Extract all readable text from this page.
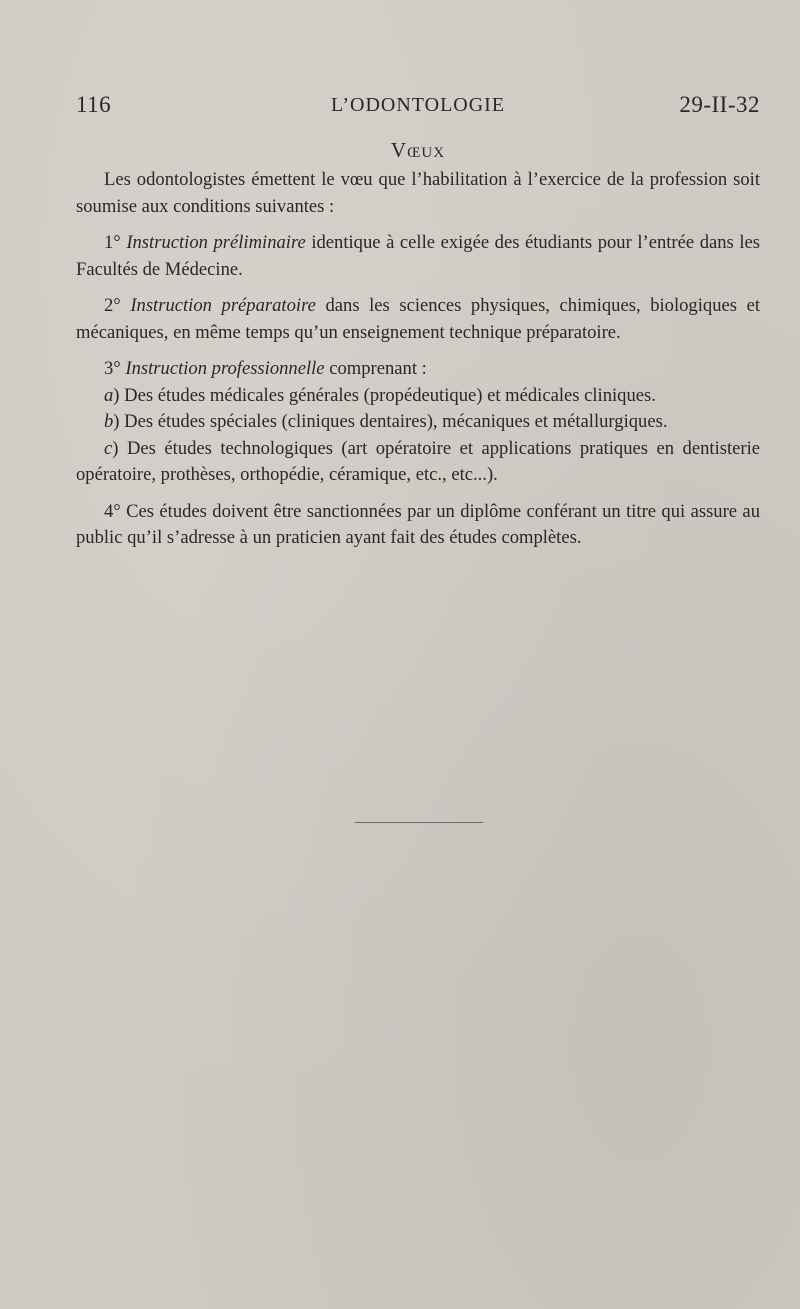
116	L’ODONTOLOGIE	29-II-32
Vœux

Les odontologistes émettent le vœu que l’habilitation à l’exercice de la profession soit soumise aux conditions suivantes :

1° Instruction préliminaire identique à celle exigée des étudiants pour l’entrée dans les Facultés de Médecine.

2° Instruction préparatoire dans les sciences physiques, chimiques, biologiques et mécaniques, en même temps qu’un enseignement technique préparatoire.

3° Instruction professionnelle comprenant :

a) Des études médicales générales (propédeutique) et médicales cliniques.

b) Des études spéciales (cliniques dentaires), mécaniques et métallurgiques.

c) Des études technologiques (art opératoire et applications pratiques en dentisterie opératoire, prothèses, orthopédie, céramique, etc., etc...).

4° Ces études doivent être sanctionnées par un diplôme conférant un titre qui assure au public qu’il s’adresse à un praticien ayant fait des études complètes.
